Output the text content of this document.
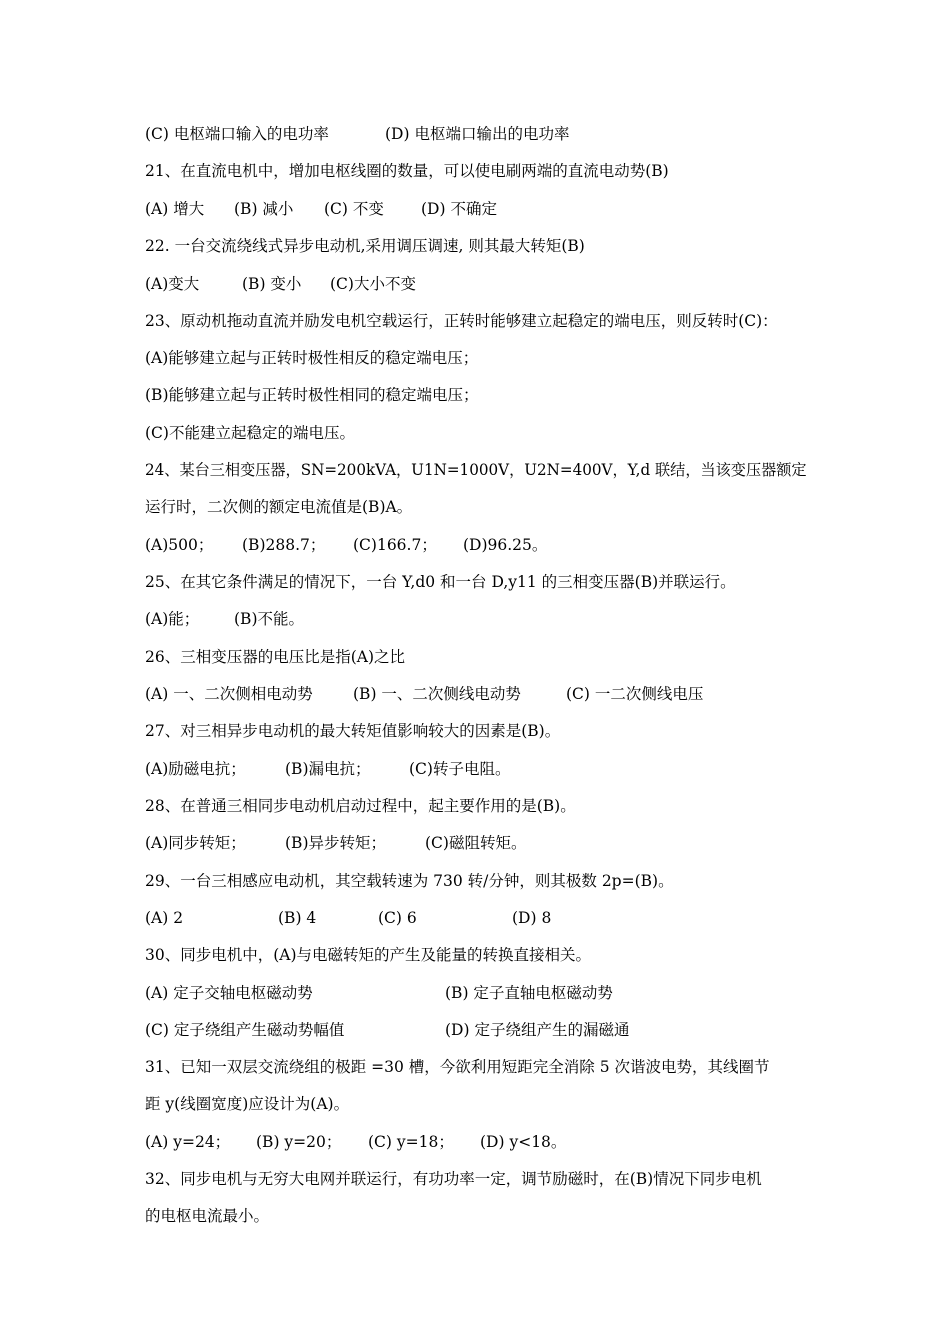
(C) 电枢端口输入的电功率	(D) 电枢端口输出的电功率
21、在直流电机中，增加电枢线圈的数量，可以使电刷两端的直流电动势(B)
(A) 增大 (B) 减小 (C) 不变 (D) 不确定
22. 一台交流绕线式异步电动机,采用调压调速, 则其最大转矩(B)
(A)变大	(B) 变小 (C)大小不变
23、原动机拖动直流并励发电机空载运行，正转时能够建立起稳定的端电压，则反转时(C)：
(A)能够建立起与正转时极性相反的稳定端电压；
(B)能够建立起与正转时极性相同的稳定端电压；
(C)不能建立起稳定的端电压。
24、某台三相变压器，SN=200kVA，U1N=1000V，U2N=400V，Y,d 联结，当该变压器额定
运行时，二次侧的额定电流值是(B)A。
(A)500； (B)288.7； (C)166.7； (D)96.25。
25、在其它条件满足的情况下，一台 Y,d0 和一台 D,y11 的三相变压器(B)并联运行。
(A)能； (B)不能。
26、三相变压器的电压比是指(A)之比
(A) 一、二次侧相电动势	(B) 一、二次侧线电动势	(C) 一二次侧线电压
27、对三相异步电动机的最大转矩值影响较大的因素是(B)。
(A)励磁电抗；	(B)漏电抗； (C)转子电阻。
28、在普通三相同步电动机启动过程中，起主要作用的是(B)。
(A)同步转矩；	(B)异步转矩；	(C)磁阻转矩。
29、一台三相感应电动机，其空载转速为 730 转/分钟，则其极数 2p=(B)。
(A) 2	(B) 4	(C) 6	(D) 8
30、同步电机中，(A)与电磁转矩的产生及能量的转换直接相关。
(A) 定子交轴电枢磁动势	(B) 定子直轴电枢磁动势
(C) 定子绕组产生磁动势幅值	(D) 定子绕组产生的漏磁通
31、已知一双层交流绕组的极距 =30 槽，今欲利用短距完全消除 5 次谐波电势，其线圈节
距 y(线圈宽度)应设计为(A)。
(A) y=24； (B) y=20； (C) y=18； (D) y<18。
32、同步电机与无穷大电网并联运行，有功功率一定，调节励磁时，在(B)情况下同步电机
的电枢电流最小。
